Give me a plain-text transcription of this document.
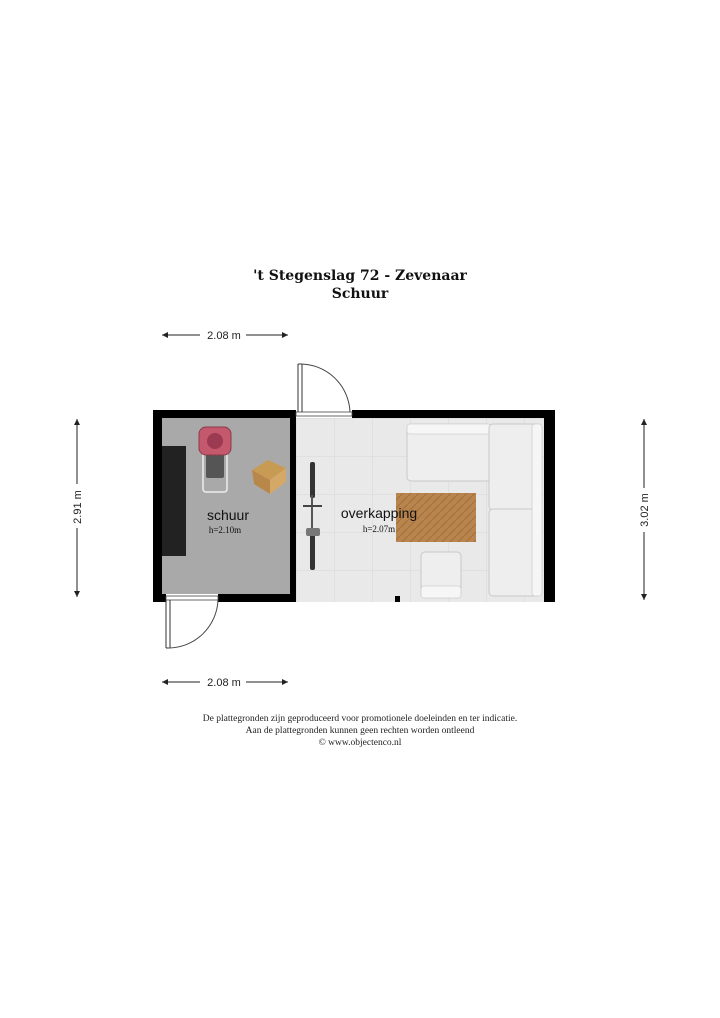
't Stegenslag 72 - Zevenaar
Schuur
2.08 m
2.08 m
2.91 m	3.02 m
schuur
h=2.10m
overkapping
h=2.07m
De plattegronden zijn geproduceerd voor promotionele doeleinden en ter indicatie.
Aan de plattegronden kunnen geen rechten worden ontleend
© www.objectenco.nl
